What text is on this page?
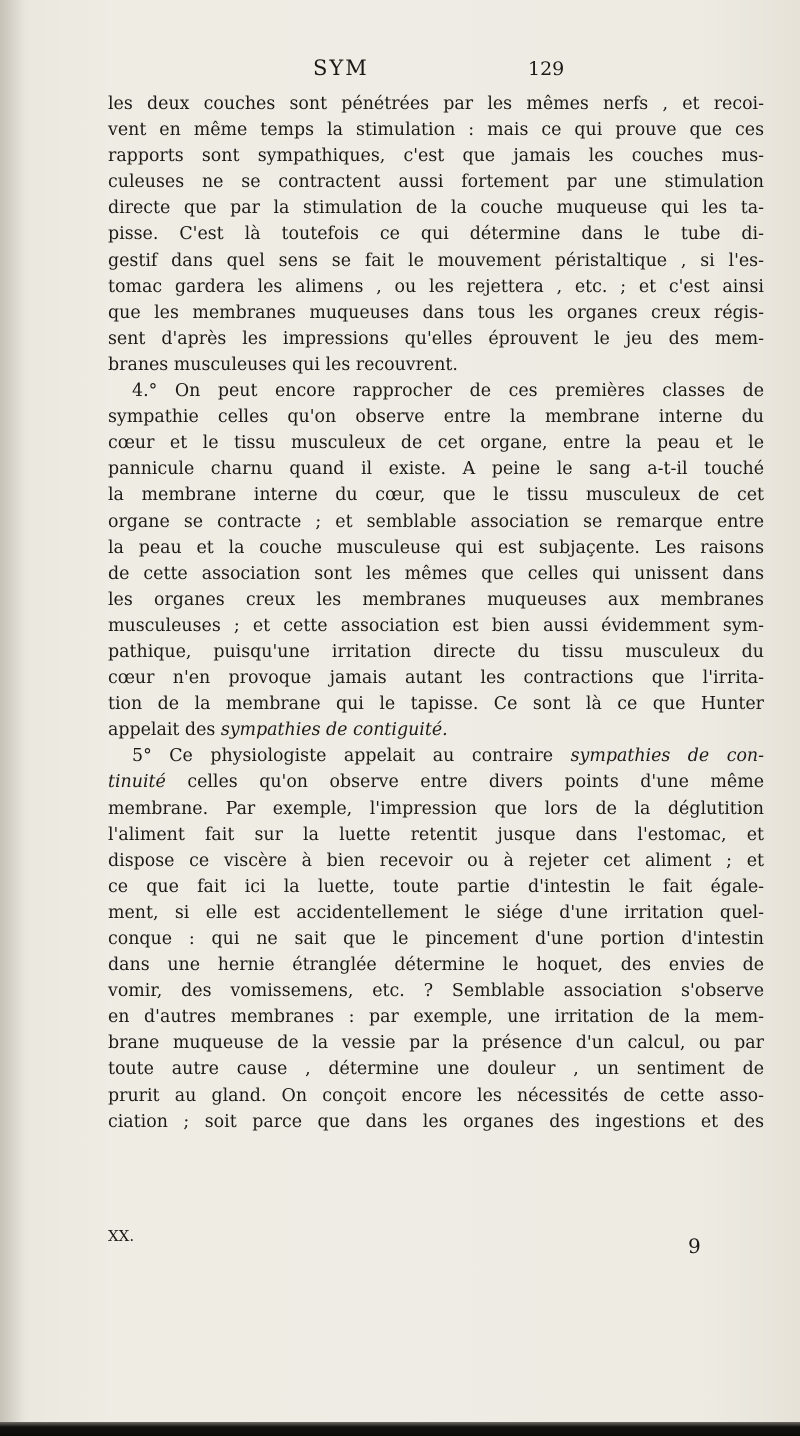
SYM	129
les deux couches sont pénétrées par les mêmes nerfs , et recoi-
vent en même temps la stimulation : mais ce qui prouve que ces
rapports sont sympathiques, c'est que jamais les couches mus-
culeuses ne se contractent aussi fortement par une stimulation
directe que par la stimulation de la couche muqueuse qui les ta-
pisse. C'est là toutefois ce qui détermine dans le tube di-
gestif dans quel sens se fait le mouvement péristaltique , si l'es-
tomac gardera les alimens , ou les rejettera , etc. ; et c'est ainsi
que les membranes muqueuses dans tous les organes creux régis-
sent d'après les impressions qu'elles éprouvent le jeu des mem-
branes musculeuses qui les recouvrent.
4.° On peut encore rapprocher de ces premières classes de
sympathie celles qu'on observe entre la membrane interne du
cœur et le tissu musculeux de cet organe, entre la peau et le
pannicule charnu quand il existe. A peine le sang a-t-il touché
la membrane interne du cœur, que le tissu musculeux de cet
organe se contracte ; et semblable association se remarque entre
la peau et la couche musculeuse qui est subjaçente. Les raisons
de cette association sont les mêmes que celles qui unissent dans
les organes creux les membranes muqueuses aux membranes
musculeuses ; et cette association est bien aussi évidemment sym-
pathique, puisqu'une irritation directe du tissu musculeux du
cœur n'en provoque jamais autant les contractions que l'irrita-
tion de la membrane qui le tapisse. Ce sont là ce que Hunter
appelait des sympathies de contiguité.
5° Ce physiologiste appelait au contraire sympathies de con-
tinuité celles qu'on observe entre divers points d'une même
membrane. Par exemple, l'impression que lors de la déglutition
l'aliment fait sur la luette retentit jusque dans l'estomac, et
dispose ce viscère à bien recevoir ou à rejeter cet aliment ; et
ce que fait ici la luette, toute partie d'intestin le fait égale-
ment, si elle est accidentellement le siége d'une irritation quel-
conque : qui ne sait que le pincement d'une portion d'intestin
dans une hernie étranglée détermine le hoquet, des envies de
vomir, des vomissemens, etc. ? Semblable association s'observe
en d'autres membranes : par exemple, une irritation de la mem-
brane muqueuse de la vessie par la présence d'un calcul, ou par
toute autre cause , détermine une douleur , un sentiment de
prurit au gland. On conçoit encore les nécessités de cette asso-
ciation ; soit parce que dans les organes des ingestions et des
XX.	9
